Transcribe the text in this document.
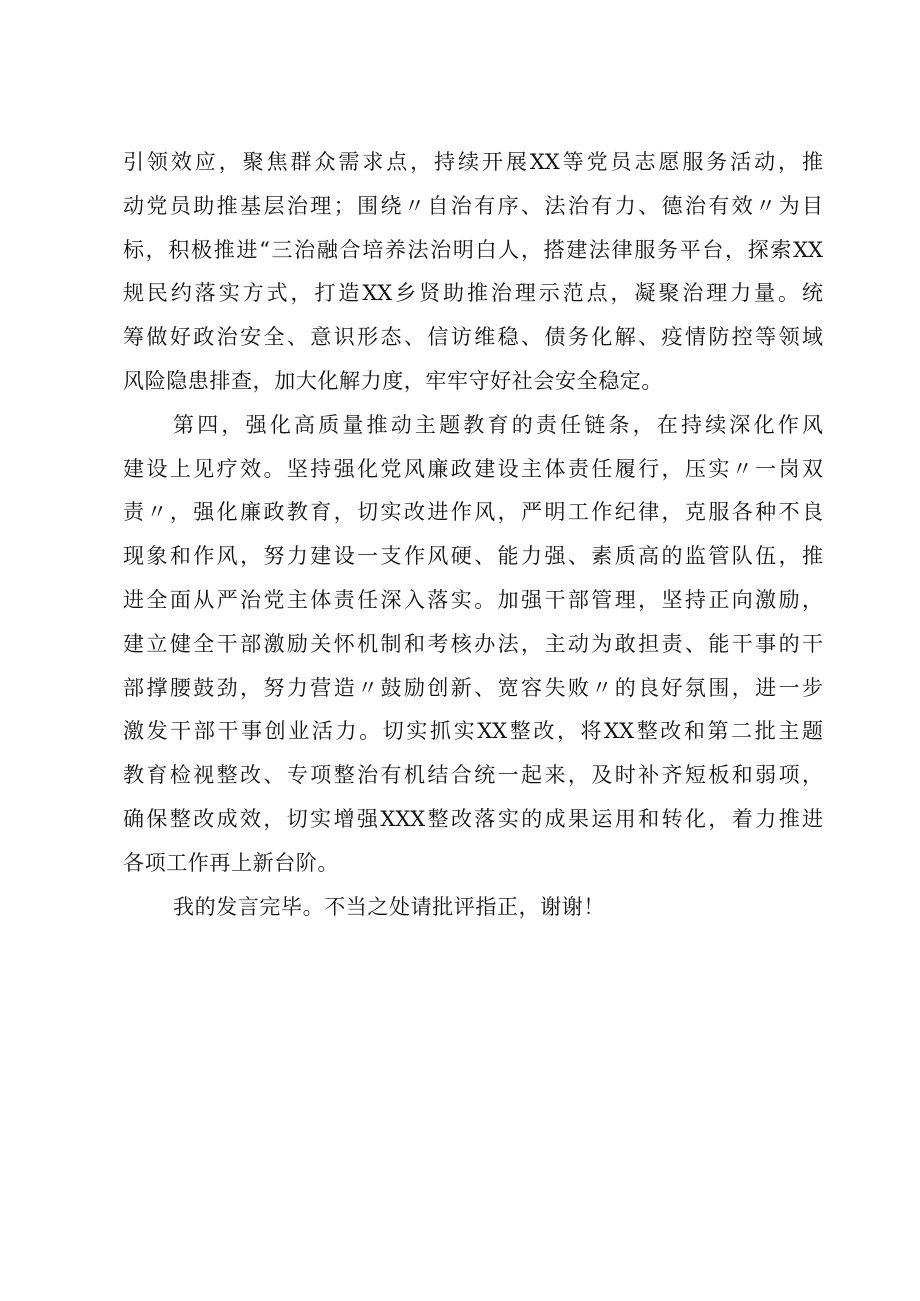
引领效应，聚焦群众需求点，持续开展XX等党员志愿服务活动，推
动党员助推基层治理；围绕〃自治有序、法治有力、德治有效〃为目
标，积极推进“三治融合培养法治明白人，搭建法律服务平台，探索XX
规民约落实方式，打造XX乡贤助推治理示范点，凝聚治理力量。统
筹做好政治安全、意识形态、信访维稳、债务化解、疫情防控等领域
风险隐患排查，加大化解力度，牢牢守好社会安全稳定。
第四，强化高质量推动主题教育的责任链条，在持续深化作风
建设上见疗效。坚持强化党风廉政建设主体责任履行，压实〃一岗双
责〃，强化廉政教育，切实改进作风，严明工作纪律，克服各种不良
现象和作风，努力建设一支作风硬、能力强、素质高的监管队伍，推
进全面从严治党主体责任深入落实。加强干部管理，坚持正向激励，
建立健全干部激励关怀机制和考核办法，主动为敢担责、能干事的干
部撑腰鼓劲，努力营造〃鼓励创新、宽容失败〃的良好氛围，进一步
激发干部干事创业活力。切实抓实XX整改，将XX整改和第二批主题
教育检视整改、专项整治有机结合统一起来，及时补齐短板和弱项，
确保整改成效，切实增强XXX整改落实的成果运用和转化，着力推进
各项工作再上新台阶。
我的发言完毕。不当之处请批评指正，谢谢！
